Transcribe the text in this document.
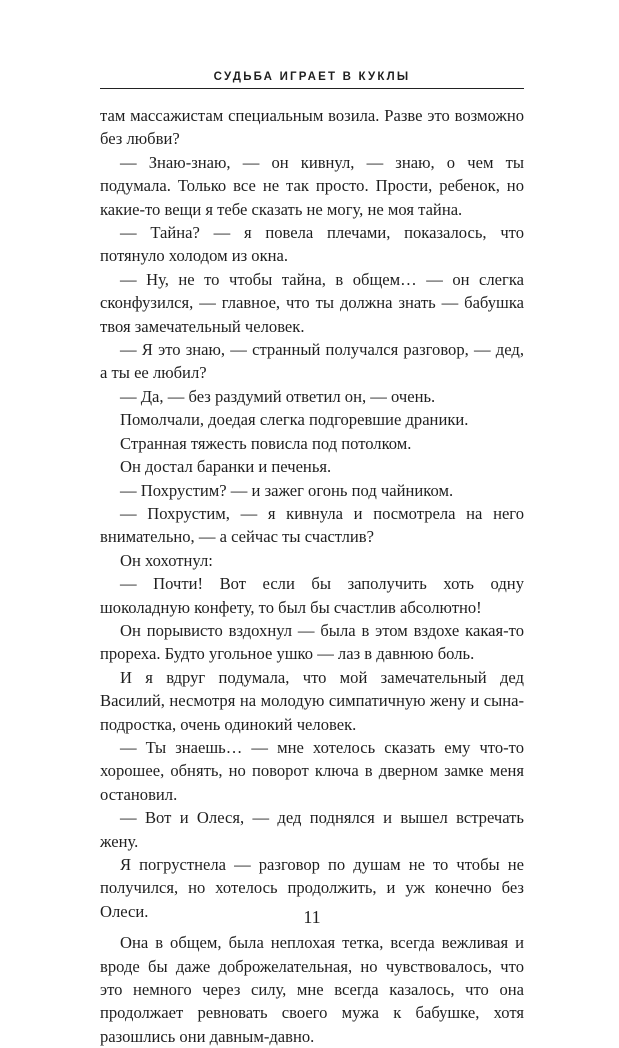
СУДЬБА ИГРАЕТ В КУКЛЫ

там массажистам специальным возила. Разве это возможно без любви?

— Знаю-знаю, — он кивнул, — знаю, о чем ты подумала. Только все не так просто. Прости, ребенок, но какие-то вещи я тебе сказать не могу, не моя тайна.

— Тайна? — я повела плечами, показалось, что потянуло холодом из окна.

— Ну, не то чтобы тайна, в общем… — он слегка сконфузился, — главное, что ты должна знать — бабушка твоя замечательный человек.

— Я это знаю, — странный получался разговор, — дед, а ты ее любил?

— Да, — без раздумий ответил он, — очень.

Помолчали, доедая слегка подгоревшие драники.

Странная тяжесть повисла под потолком.

Он достал баранки и печенья.

— Похрустим? — и зажег огонь под чайником.

— Похрустим, — я кивнула и посмотрела на него внимательно, — а сейчас ты счастлив?

Он хохотнул:

— Почти! Вот если бы заполучить хоть одну шоколадную конфету, то был бы счастлив абсолютно!

Он порывисто вздохнул — была в этом вздохе какая-то прореха. Будто угольное ушко — лаз в давнюю боль.

И я вдруг подумала, что мой замечательный дед Василий, несмотря на молодую симпатичную жену и сына-подростка, очень одинокий человек.

— Ты знаешь… — мне хотелось сказать ему что-то хорошее, обнять, но поворот ключа в дверном замке меня остановил.

— Вот и Олеся, — дед поднялся и вышел встречать жену.

Я погрустнела — разговор по душам не то чтобы не получился, но хотелось продолжить, и уж конечно без Олеси.

Она в общем, была неплохая тетка, всегда вежливая и вроде бы даже доброжелательная, но чувствовалось, что это немного через силу, мне всегда казалось, что она продолжает ревновать своего мужа к бабушке, хотя разошлись они давным-давно.

11
